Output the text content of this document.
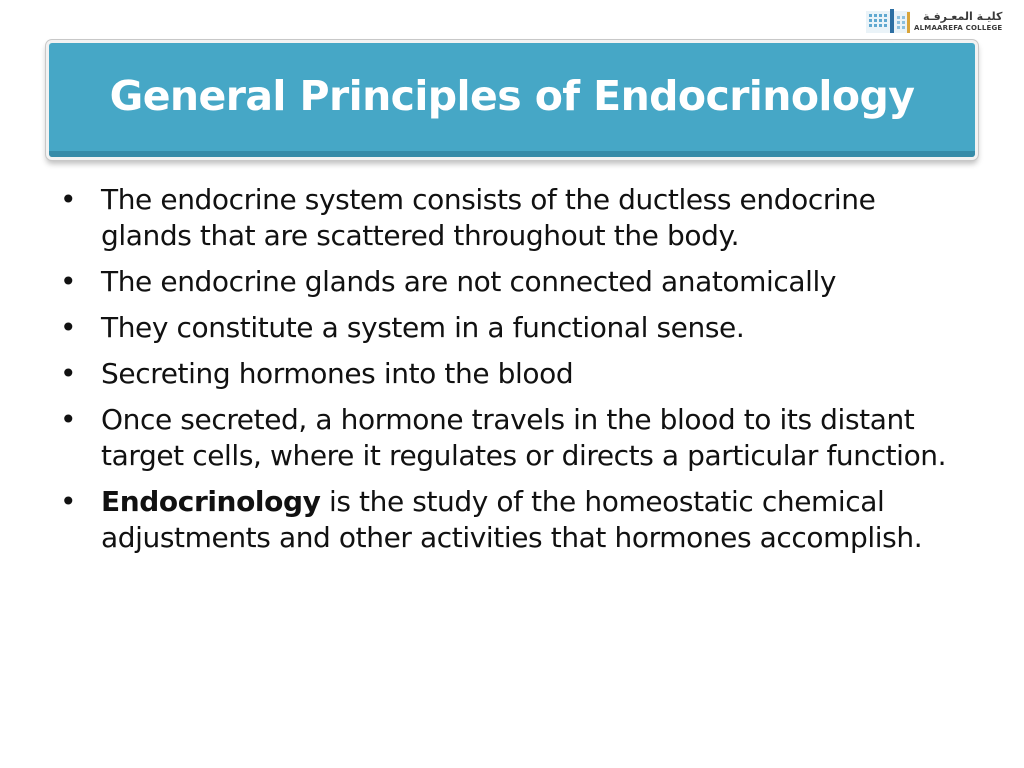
كليـة المعـرفـة
ALMAAREFA COLLEGE
General Principles of Endocrinology
• The endocrine system consists of the ductless endocrine glands that are scattered throughout the body.
• The endocrine glands are not connected anatomically
• They constitute a system in a functional sense.
• Secreting hormones into the blood
• Once secreted, a hormone travels in the blood to its distant target cells, where it regulates or directs a particular function.
• Endocrinology is the study of the homeostatic chemical adjustments and other activities that hormones accomplish.
